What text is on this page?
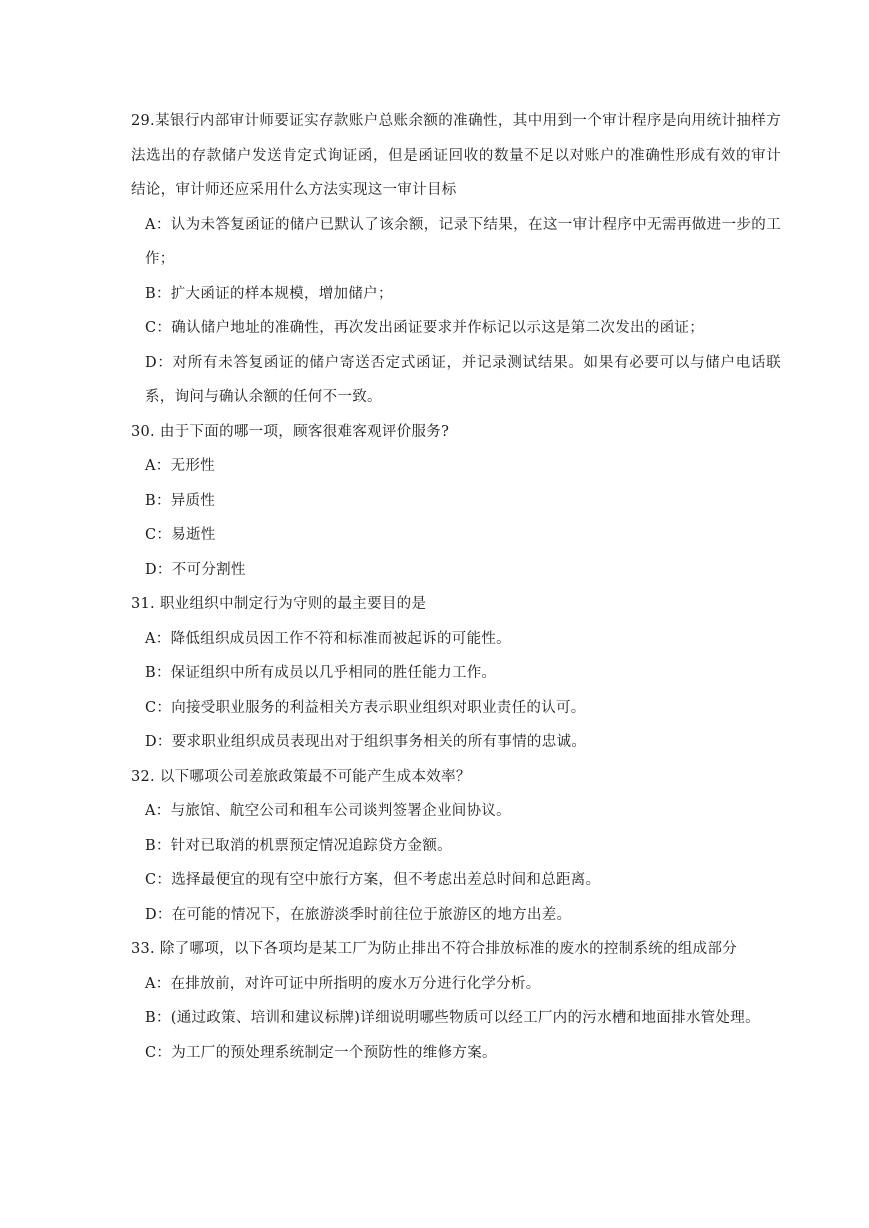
29.某银行内部审计师要证实存款账户总账余额的准确性，其中用到一个审计程序是向用统计抽样方法选出的存款储户发送肯定式询证函，但是函证回收的数量不足以对账户的准确性形成有效的审计结论，审计师还应采用什么方法实现这一审计目标

A：认为未答复函证的储户已默认了该余额，记录下结果，在这一审计程序中无需再做进一步的工作；

B：扩大函证的样本规模，增加储户；

C：确认储户地址的准确性，再次发出函证要求并作标记以示这是第二次发出的函证；

D：对所有未答复函证的储户寄送否定式函证，并记录测试结果。如果有必要可以与储户电话联系，询问与确认余额的任何不一致。

30. 由于下面的哪一项，顾客很难客观评价服务?

A：无形性

B：异质性

C：易逝性

D：不可分割性

31. 职业组织中制定行为守则的最主要目的是

A：降低组织成员因工作不符和标准而被起诉的可能性。

B：保证组织中所有成员以几乎相同的胜任能力工作。

C：向接受职业服务的利益相关方表示职业组织对职业责任的认可。

D：要求职业组织成员表现出对于组织事务相关的所有事情的忠诚。

32. 以下哪项公司差旅政策最不可能产生成本效率？

A：与旅馆、航空公司和租车公司谈判签署企业间协议。

B：针对已取消的机票预定情况追踪贷方金额。

C：选择最便宜的现有空中旅行方案，但不考虑出差总时间和总距离。

D：在可能的情况下，在旅游淡季时前往位于旅游区的地方出差。

33. 除了哪项，以下各项均是某工厂为防止排出不符合排放标准的废水的控制系统的组成部分

A：在排放前，对许可证中所指明的废水万分进行化学分析。

B：(通过政策、培训和建议标牌)详细说明哪些物质可以经工厂内的污水槽和地面排水管处理。

C：为工厂的预处理系统制定一个预防性的维修方案。
